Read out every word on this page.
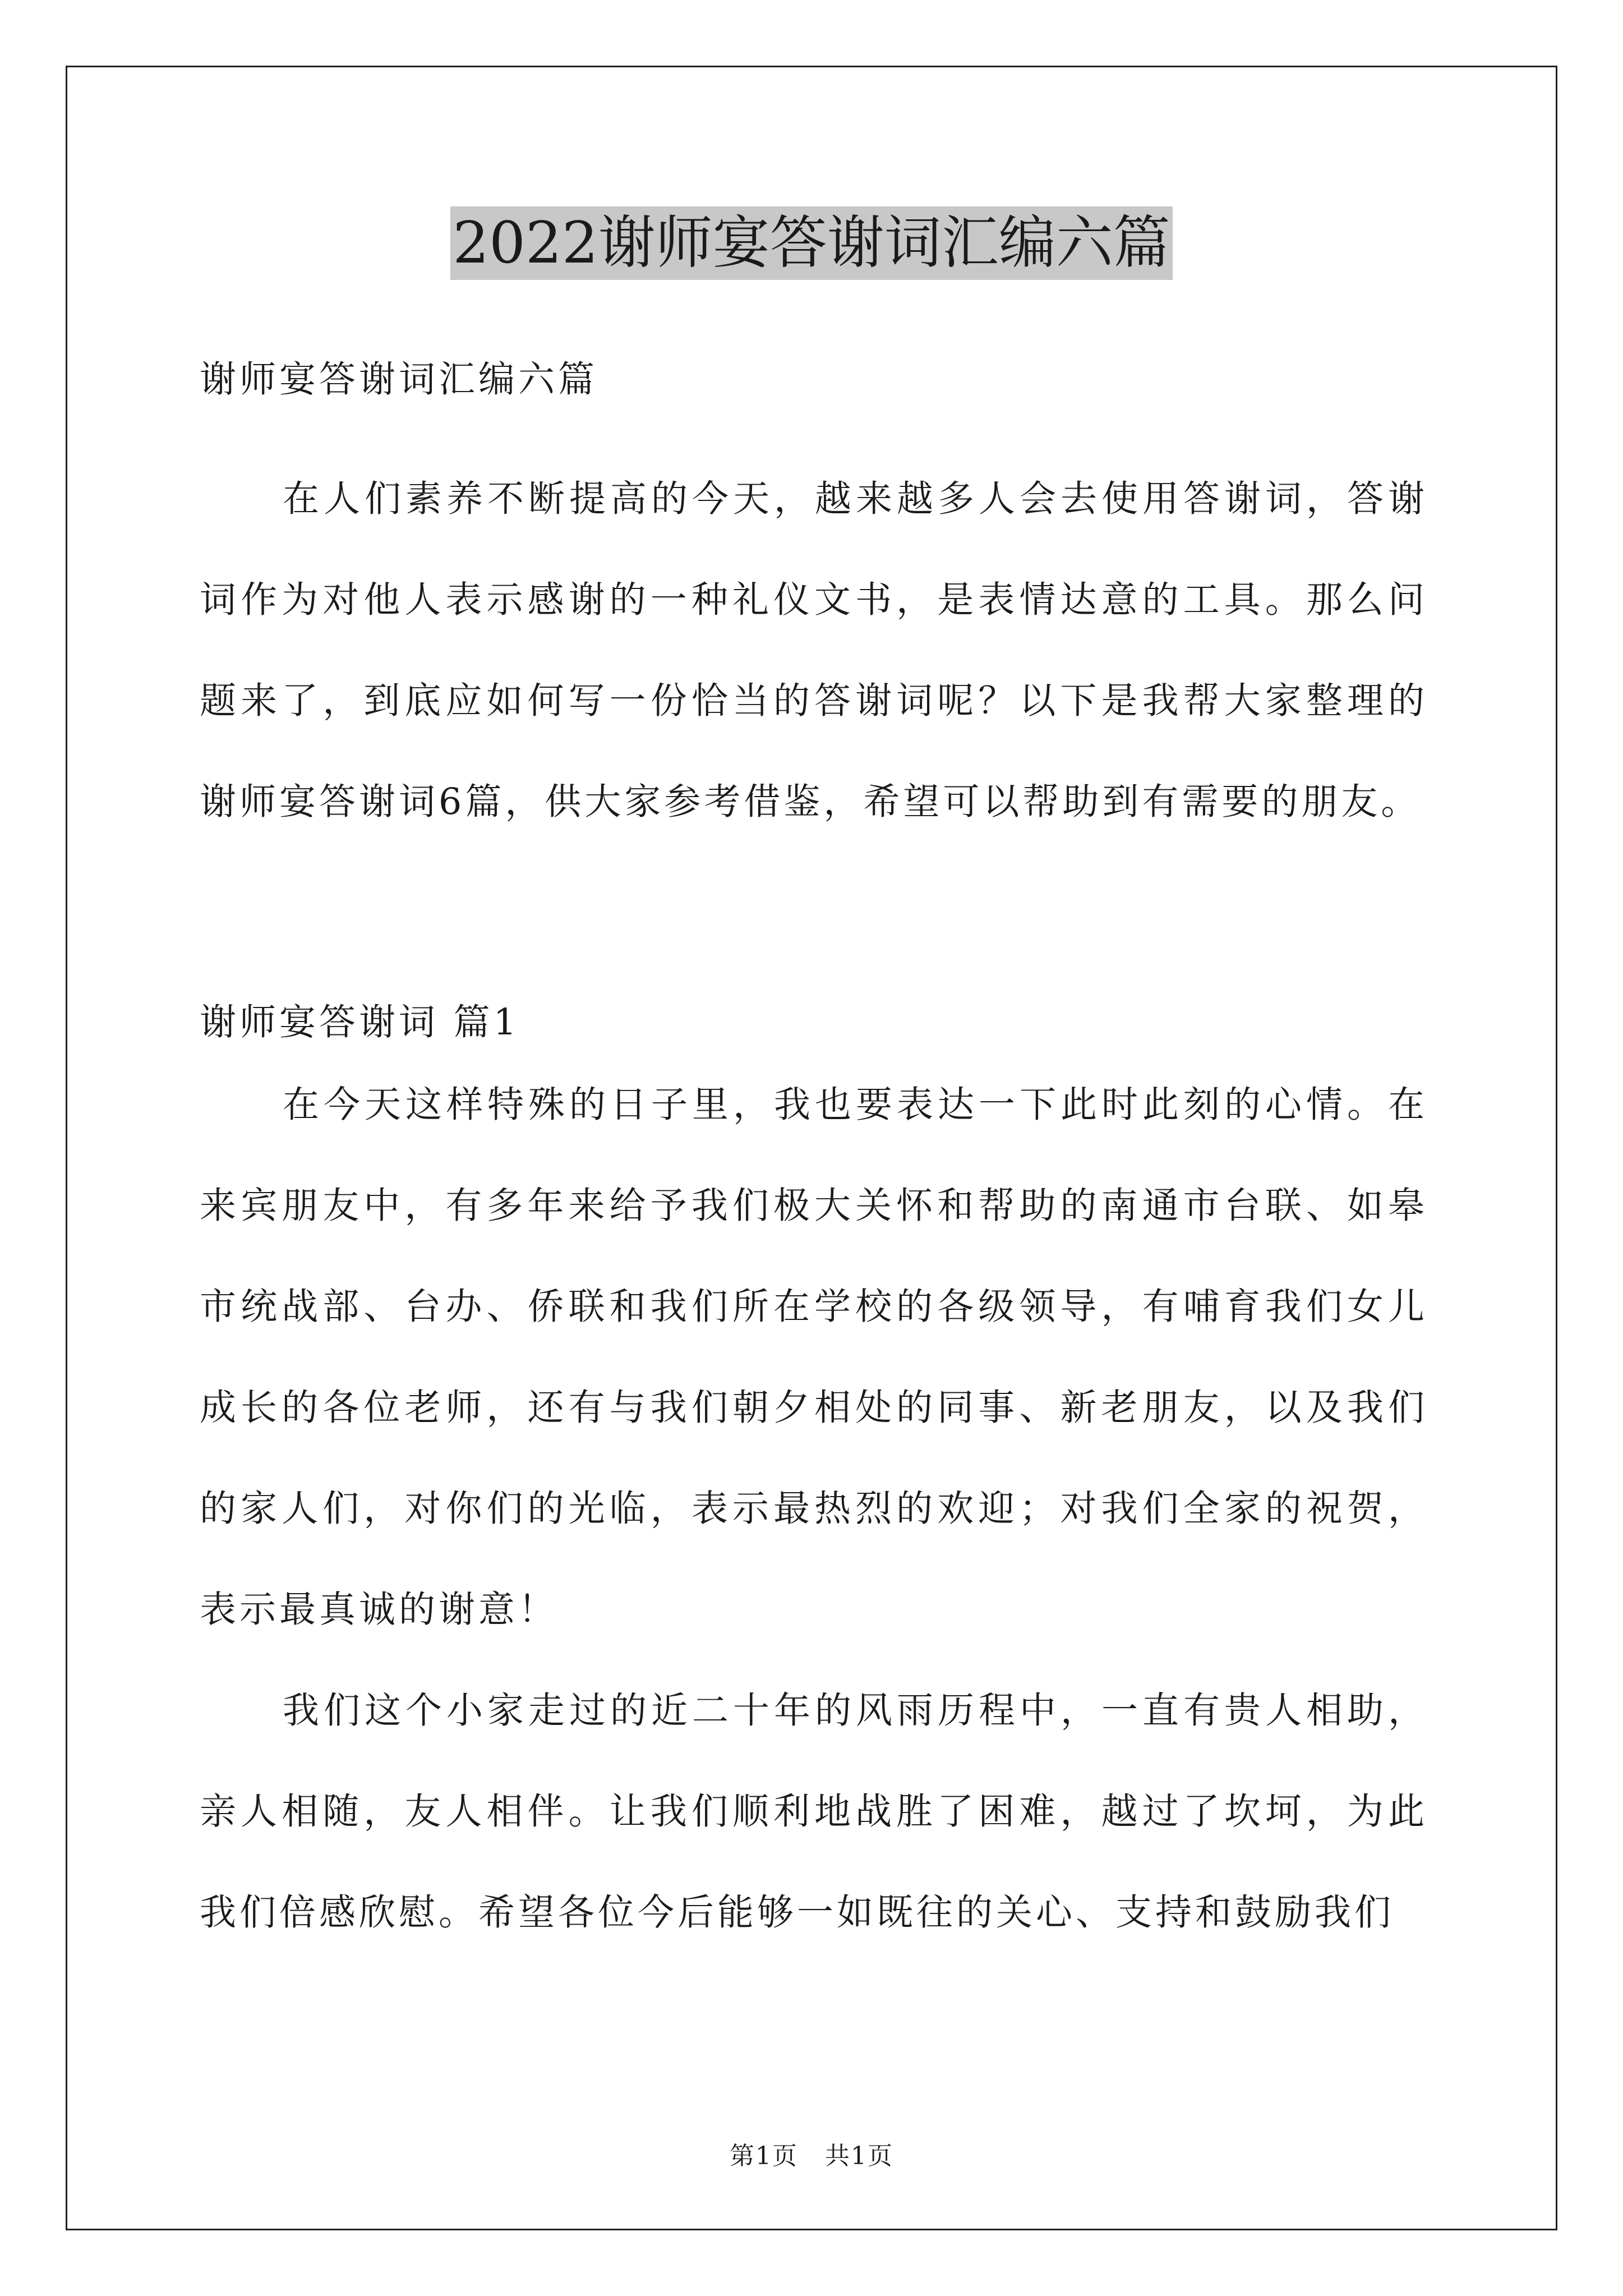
2022谢师宴答谢词汇编六篇
谢师宴答谢词汇编六篇

在人们素养不断提高的今天，越来越多人会去使用答谢词，答谢词作为对他人表示感谢的一种礼仪文书，是表情达意的工具。那么问题来了，到底应如何写一份恰当的答谢词呢？以下是我帮大家整理的谢师宴答谢词6篇，供大家参考借鉴，希望可以帮助到有需要的朋友。

谢师宴答谢词 篇1

在今天这样特殊的日子里，我也要表达一下此时此刻的心情。在来宾朋友中，有多年来给予我们极大关怀和帮助的南通市台联、如皋市统战部、台办、侨联和我们所在学校的各级领导，有哺育我们女儿成长的各位老师，还有与我们朝夕相处的同事、新老朋友，以及我们的家人们，对你们的光临，表示最热烈的欢迎；对我们全家的祝贺，表示最真诚的谢意！

我们这个小家走过的近二十年的风雨历程中，一直有贵人相助，亲人相随，友人相伴。让我们顺利地战胜了困难，越过了坎坷，为此我们倍感欣慰。希望各位今后能够一如既往的关心、支持和鼓励我们

第1页 共1页
